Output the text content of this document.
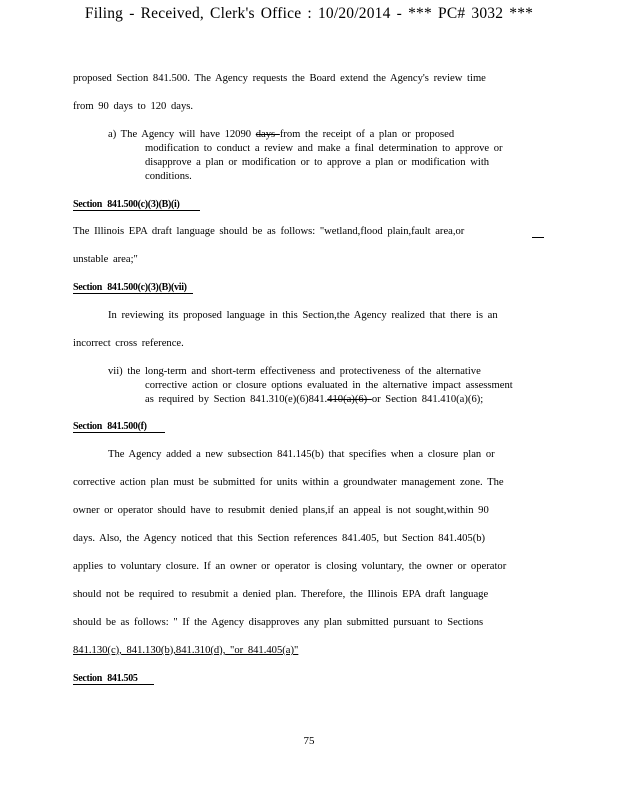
Filing - Received, Clerk's Office : 10/20/2014 - *** PC# 3032 ***
proposed Section 841.500. The Agency requests the Board extend the Agency's review time
from 90 days to 120 days.
a) The Agency will have 12090 days from the receipt of a plan or proposed
modification to conduct a review and make a final determination to approve or
disapprove a plan or modification or to approve a plan or modification with
conditions.
Section 841.500(c)(3)(B)(i)
The Illinois EPA draft language should be as follows: "wetland,flood plain,fault area,or
unstable area;"
Section 841.500(c)(3)(B)(vii)
In reviewing its proposed language in this Section,the Agency realized that there is an
incorrect cross reference.
vii) the long-term and short-term effectiveness and protectiveness of the alternative
corrective action or closure options evaluated in the alternative impact assessment
as required by Section 841.310(e)(6)841.410(a)(6) or Section 841.410(a)(6);
Section 841.500(f)
The Agency added a new subsection 841.145(b) that specifies when a closure plan or
corrective action plan must be submitted for units within a groundwater management zone. The
owner or operator should have to resubmit denied plans,if an appeal is not sought,within 90
days. Also, the Agency noticed that this Section references 841.405, but Section 841.405(b)
applies to voluntary closure. If an owner or operator is closing voluntary, the owner or operator
should not be required to resubmit a denied plan. Therefore, the Illinois EPA draft language
should be as follows: " If the Agency disapproves any plan submitted pursuant to Sections
841.130(c), 841.130(b),841.310(d), "or 841.405(a)"
Section 841.505
75
